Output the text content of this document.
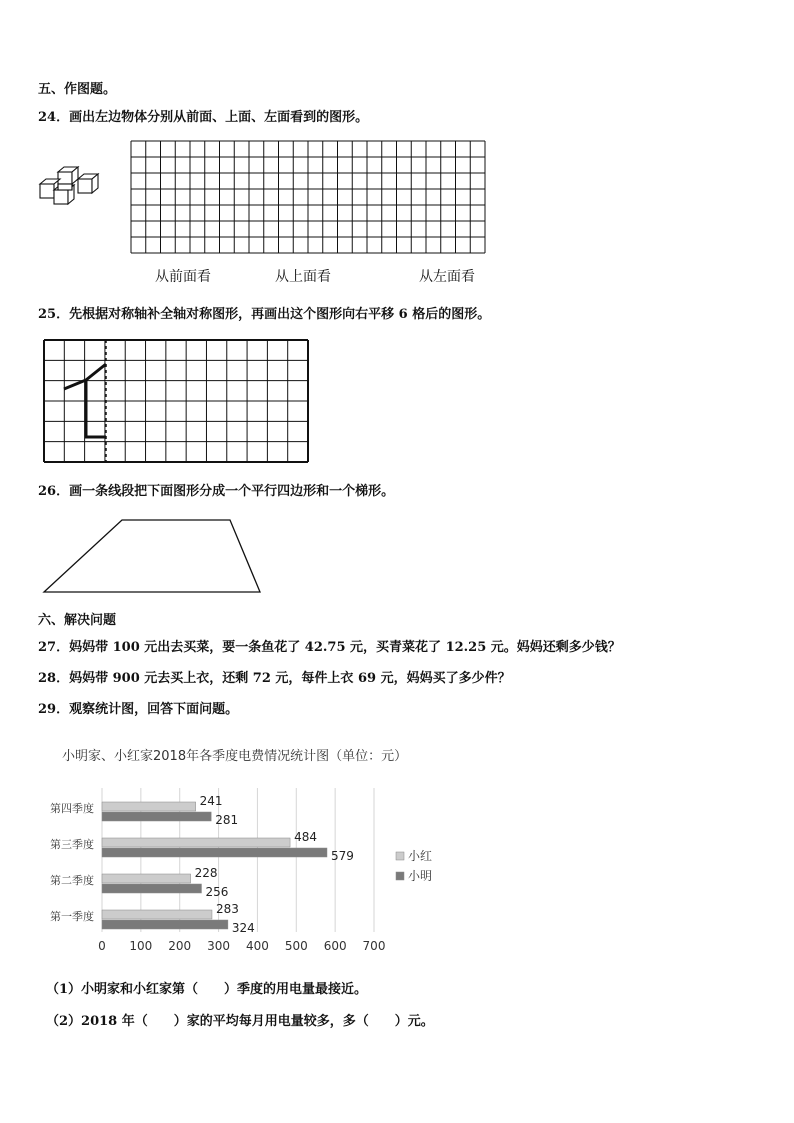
五、作图题。
24．画出左边物体分别从前面、上面、左面看到的图形。
从前面看	从上面看	从左面看
25．先根据对称轴补全轴对称图形，再画出这个图形向右平移 6 格后的图形。
26．画一条线段把下面图形分成一个平行四边形和一个梯形。
六、解决问题
27．妈妈带 100 元出去买菜，要一条鱼花了 42.75 元，买青菜花了 12.25 元。妈妈还剩多少钱？
28．妈妈带 900 元去买上衣，还剩 72 元，每件上衣 69 元，妈妈买了多少件？
29．观察统计图，回答下面问题。
小明家、小红家2018年各季度电费情况统计图（单位：元）
0 100 200 300 400 500 600 700
第四季度
241
281
第三季度
484
579
第二季度
228
256
第一季度
283
324
小红
小明
（1）小明家和小红家第（　　）季度的用电量最接近。
（2）2018 年（　　）家的平均每月用电量较多，多（　　）元。
